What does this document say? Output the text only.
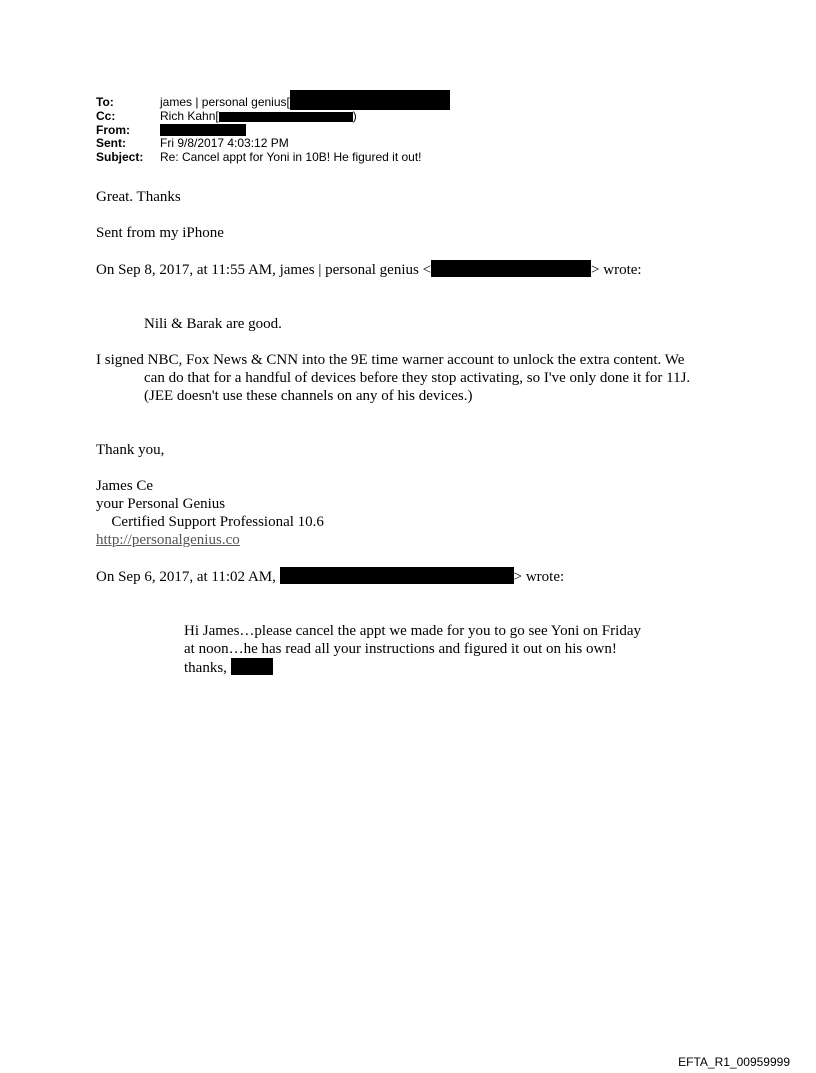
To:	james | personal genius[
Cc:	Rich Kahn[	)
From:
Sent:	Fri 9/8/2017 4:03:12 PM
Subject:	Re: Cancel appt for Yoni in 10B! He figured it out!

Great. Thanks

Sent from my iPhone

On Sep 8, 2017, at 11:55 AM, james | personal genius <	> wrote:

Nili & Barak are good.

I signed NBC, Fox News & CNN into the 9E time warner account to unlock the extra content. We can do that for a handful of devices before they stop activating, so I've only done it for 11J. (JEE doesn't use these channels on any of his devices.)

Thank you,

James Ce

your Personal Genius

Certified Support Professional 10.6

http://personalgenius.co

On Sep 6, 2017, at 11:02 AM,	> wrote:

Hi James…please cancel the appt we made for you to go see Yoni on Friday at noon…he has read all your instructions and figured it out on his own! thanks,

EFTA_R1_00959999
